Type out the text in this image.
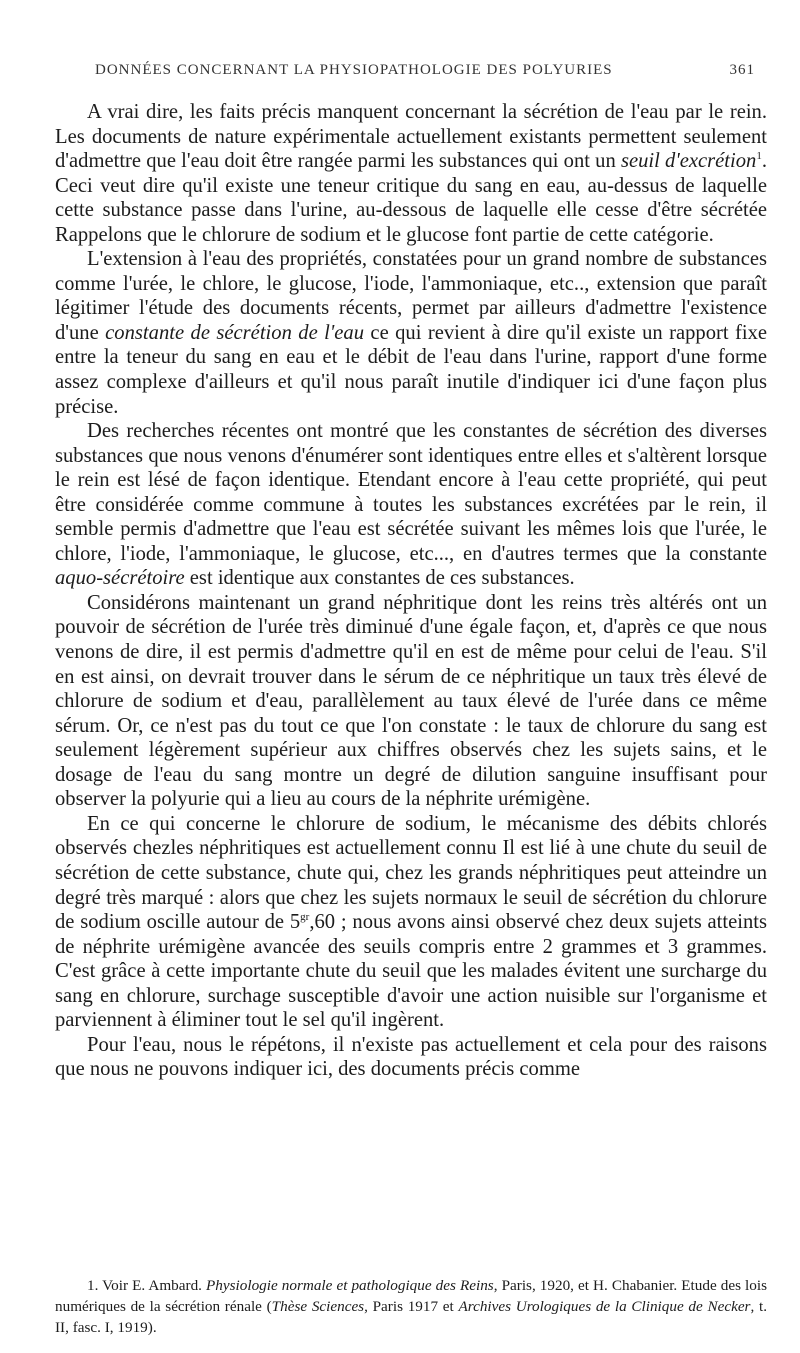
DONNÉES CONCERNANT LA PHYSIOPATHOLOGIE DES POLYURIES	361

A vrai dire, les faits précis manquent concernant la sécrétion de l'eau par le rein. Les documents de nature expérimentale actuellement existants permettent seulement d'admettre que l'eau doit être rangée parmi les substances qui ont un seuil d'excrétion$^1$. Ceci veut dire qu'il existe une teneur critique du sang en eau, au-dessus de laquelle cette substance passe dans l'urine, au-dessous de laquelle elle cesse d'être sécrétée Rappelons que le chlorure de sodium et le glucose font partie de cette catégorie.

L'extension à l'eau des propriétés, constatées pour un grand nombre de substances comme l'urée, le chlore, le glucose, l'iode, l'ammoniaque, etc.., extension que paraît légitimer l'étude des documents récents, permet par ailleurs d'admettre l'existence d'une constante de sécrétion de l'eau ce qui revient à dire qu'il existe un rapport fixe entre la teneur du sang en eau et le débit de l'eau dans l'urine, rapport d'une forme assez complexe d'ailleurs et qu'il nous paraît inutile d'indiquer ici d'une façon plus précise.

Des recherches récentes ont montré que les constantes de sécrétion des diverses substances que nous venons d'énumérer sont identiques entre elles et s'altèrent lorsque le rein est lésé de façon identique. Etendant encore à l'eau cette propriété, qui peut être considérée comme commune à toutes les substances excrétées par le rein, il semble permis d'admettre que l'eau est sécrétée suivant les mêmes lois que l'urée, le chlore, l'iode, l'ammoniaque, le glucose, etc..., en d'autres termes que la constante aquo-sécrétoire est identique aux constantes de ces substances.

Considérons maintenant un grand néphritique dont les reins très altérés ont un pouvoir de sécrétion de l'urée très diminué d'une égale façon, et, d'après ce que nous venons de dire, il est permis d'admettre qu'il en est de même pour celui de l'eau. S'il en est ainsi, on devrait trouver dans le sérum de ce néphritique un taux très élevé de chlorure de sodium et d'eau, parallèlement au taux élevé de l'urée dans ce même sérum. Or, ce n'est pas du tout ce que l'on constate : le taux de chlorure du sang est seulement légèrement supérieur aux chiffres observés chez les sujets sains, et le dosage de l'eau du sang montre un degré de dilution sanguine insuffisant pour observer la polyurie qui a lieu au cours de la néphrite urémigène.

En ce qui concerne le chlorure de sodium, le mécanisme des débits chlorés observés chezles néphritiques est actuellement connu Il est lié à une chute du seuil de sécrétion de cette substance, chute qui, chez les grands néphritiques peut atteindre un degré très marqué : alors que chez les sujets normaux le seuil de sécrétion du chlorure de sodium oscille autour de $5^{gr},60$ ; nous avons ainsi observé chez deux sujets atteints de néphrite urémigène avancée des seuils compris entre 2 grammes et 3 grammes. C'est grâce à cette importante chute du seuil que les malades évitent une surcharge du sang en chlorure, surchage susceptible d'avoir une action nuisible sur l'organisme et parviennent à éliminer tout le sel qu'il ingèrent.

Pour l'eau, nous le répétons, il n'existe pas actuellement et cela pour des raisons que nous ne pouvons indiquer ici, des documents précis comme

1. Voir E. Ambard. Physiologie normale et pathologique des Reins, Paris, 1920, et H. Chabanier. Etude des lois numériques de la sécrétion rénale (Thèse Sciences, Paris 1917 et Archives Urologiques de la Clinique de Necker, t. II, fasc. I, 1919).
